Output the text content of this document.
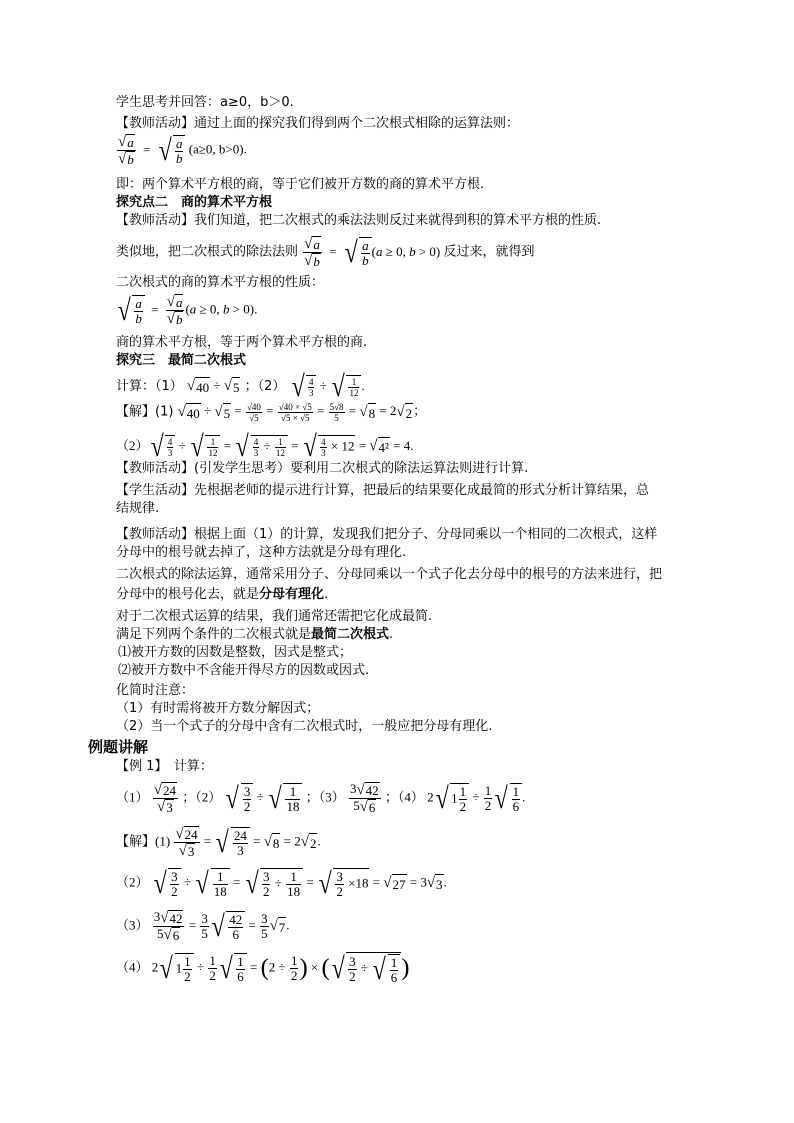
学生思考并回答：a≥0，b＞0.
【教师活动】通过上面的探究我们得到两个二次根式相除的运算法则：
$\frac{√a}{√b}$ = √ $\frac{a}{b} (a\ge 0$, b>0).
即：两个算术平方根的商，等于它们被开方数的商的算术平方根.
探究点二　商的算术平方根
【教师活动】我们知道，把二次根式的乘法法则反过来就得到积的算术平方根的性质.
类似地，把二次根式的除法法则 $\frac{√a}{√b}$ = √ $\frac{a}{b} (a \ge 0$, b > 0) 反过来，就得到
二次根式的商的算术平方根的性质：
√ $\frac{a}{b} = \frac{√a}{√b} (a \ge 0$, b > 0).
商的算术平方根，等于两个算术平方根的商.
探究三　最简二次根式
计算：（1） √40 ÷ √5 ；（2） √ $\frac{4}{3}$ ÷ √ $\frac{1}{12}$ .
【解】(1) $√40 \div √5 = \frac{√40}{√5} = \frac{√40 \times √5}{√5 \times √5} = \frac{5√8}{5} = √8 = 2√2$；
$(2)√ \frac{4}{3}$ ÷ √ $\frac{1}{12}$ = √ $\frac{4}{3} \div \frac{1}{12}$ = √ $\frac{4}{3} \times 12 = √4^2 = 4$.
【教师活动】(引发学生思考）要利用二次根式的除法运算法则进行计算.
【学生活动】先根据老师的提示进行计算，把最后的结果要化成最简的形式分析计算结果，总
结规律.
【教师活动】根据上面（1）的计算，发现我们把分子、分母同乘以一个相同的二次根式，这样
分母中的根号就去掉了，这种方法就是分母有理化.
二次根式的除法运算，通常采用分子、分母同乘以一个式子化去分母中的根号的方法来进行，把
分母中的根号化去，就是分母有理化.
对于二次根式运算的结果，我们通常还需把它化成最简.
满足下列两个条件的二次根式就是最简二次根式.
⑴被开方数的因数是整数，因式是整式；
⑵被开方数中不含能开得尽方的因数或因式.
化简时注意：
（1）有时需将被开方数分解因式；
（2）当一个式子的分母中含有二次根式时，一般应把分母有理化.
例题讲解
【例 1】　计算：
$(1) \frac{√24}{√3}$ ；（2） √ $\frac{3}{2}$ ÷ √ $\frac{1}{18}$ ；$(3) \frac{3√42}{5√6}$ ；（4） 2√ $1 \frac{1}{2} \div \frac{1}{2}$ √ $\frac{1}{6}$ .
【解】$(1) \frac{√24}{√3}$ = √ $\frac{24}{3} = √8 = 2√2$.
（2） √ $\frac{3}{2}$ ÷ √ $\frac{1}{18}$ = √ $\frac{3}{2} \div \frac{1}{18}$ = √ $\frac{3}{2} \times 18 = √27 = 3√3$.
$(3) \frac{3√42}{5√6} = \frac{3}{5}$ √ $\frac{42}{6} = \frac{3}{5} √7$.
（4） 2√ $1 \frac{1}{2} \div \frac{1}{2}$ √ $\frac{1}{6} = (2 \div \frac{1}{2}$ ) × (√ $\frac{3}{2}$ ÷ √ $\frac{1}{6}$ )
